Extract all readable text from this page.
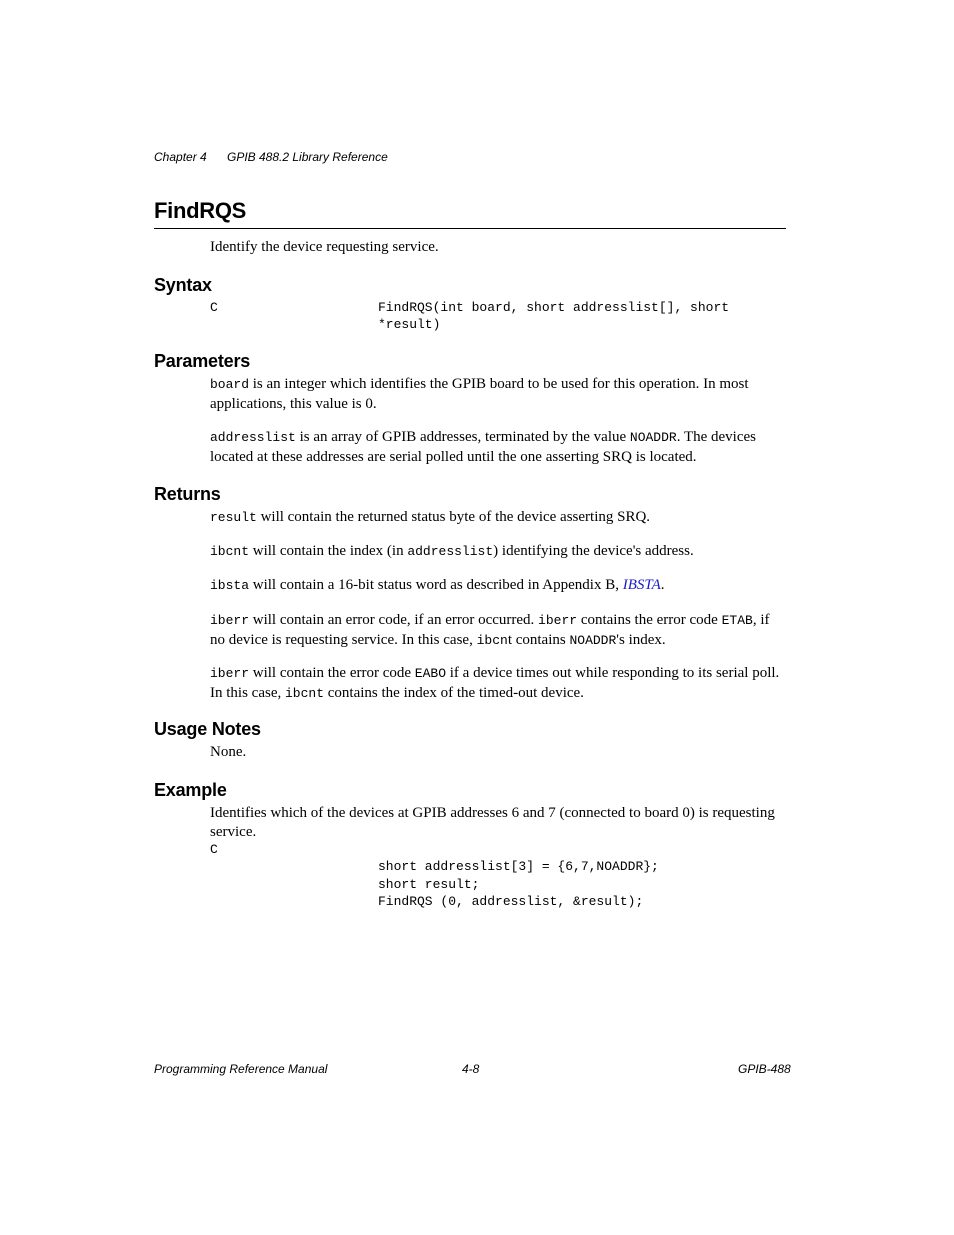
Chapter 4 GPIB 488.2 Library Reference
FindRQS
Identify the device requesting service.
Syntax
C	FindRQS(int board, short addresslist[], short
*result)
Parameters
board is an integer which identifies the GPIB board to be used for this operation. In most applications, this value is 0.
addresslist is an array of GPIB addresses, terminated by the value NOADDR. The devices located at these addresses are serial polled until the one asserting SRQ is located.
Returns
result will contain the returned status byte of the device asserting SRQ.
ibcnt will contain the index (in addresslist) identifying the device's address.
ibsta will contain a 16-bit status word as described in Appendix B, IBSTA.
iberr will contain an error code, if an error occurred. iberr contains the error code ETAB, if no device is requesting service. In this case, ibcnt contains NOADDR's index.
iberr will contain the error code EABO if a device times out while responding to its serial poll. In this case, ibcnt contains the index of the timed-out device.
Usage Notes
None.
Example
Identifies which of the devices at GPIB addresses 6 and 7 (connected to board 0) is requesting service.
C
short addresslist[3] = {6,7,NOADDR};
short result;
FindRQS (0, addresslist, &result);
Programming Reference Manual	4-8	GPIB-488
